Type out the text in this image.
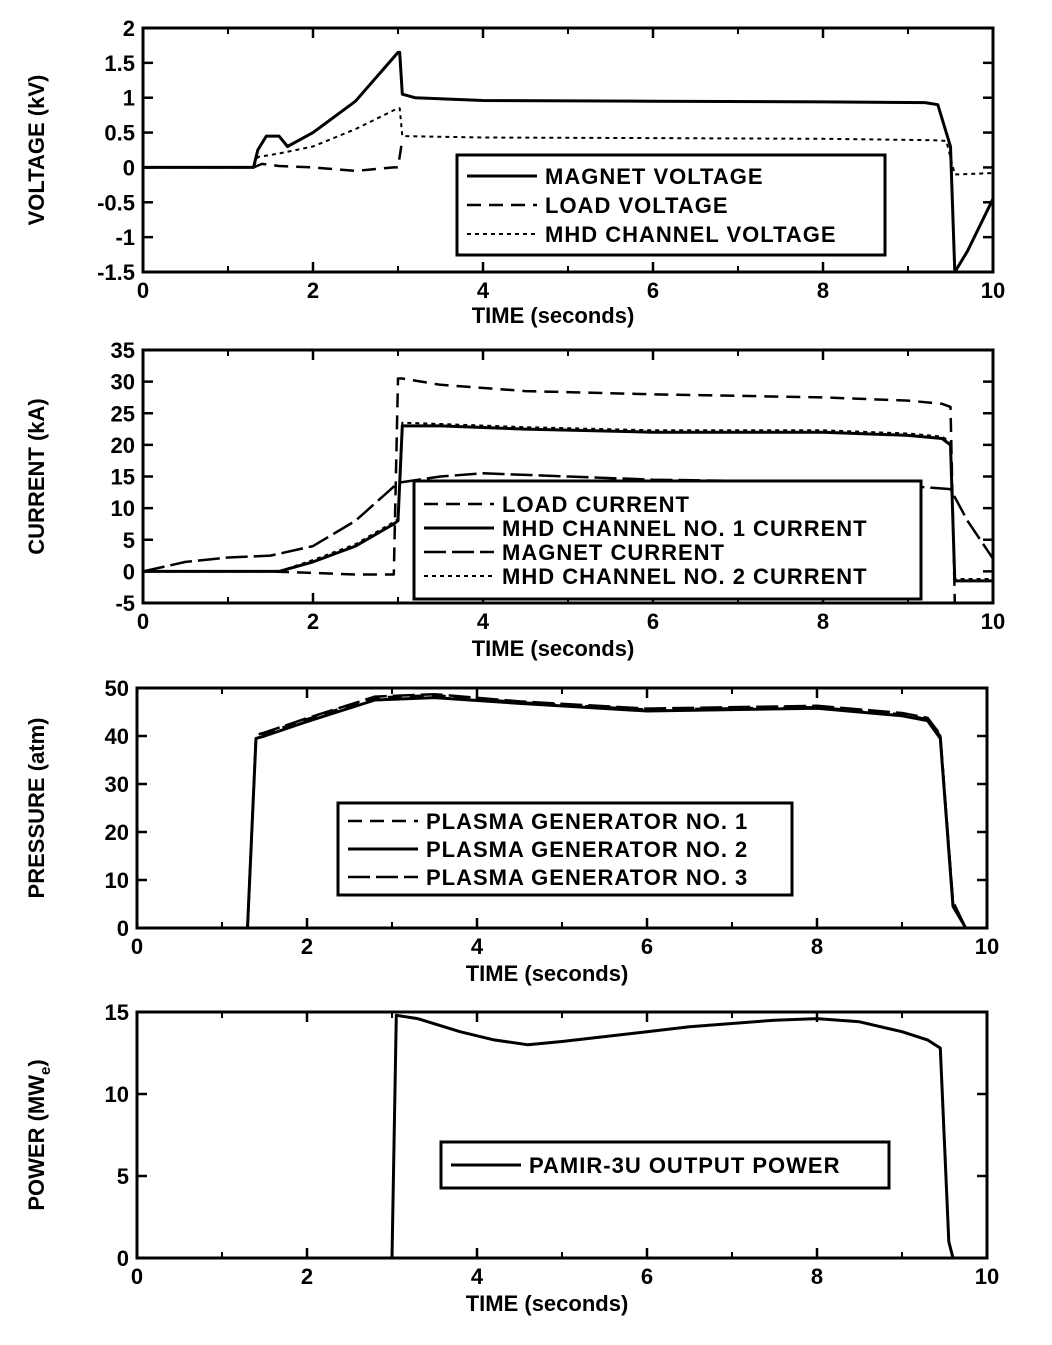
0	2	4	6	8	10
2
1.5
1
0.5
0
-0.5
-1
-1.5
TIME (seconds)
VOLTAGE (kV)	MAGNET VOLTAGE
LOAD VOLTAGE
MHD CHANNEL VOLTAGE
0	2	4	6	8	10
35
30
25
20
15
10
5
0
-5
TIME (seconds)
CURRENT (kA)	LOAD CURRENT
MHD CHANNEL NO. 1 CURRENT
MAGNET CURRENT
MHD CHANNEL NO. 2 CURRENT
0	2	4	6	8	10
50
40
30
20
10
0
TIME (seconds)
PRESSURE (atm)	PLASMA GENERATOR NO. 1
PLASMA GENERATOR NO. 2
PLASMA GENERATOR NO. 3
0	2	4	6	8	10
15
10
5
0
TIME (seconds)
POWER $(MW_e)$
PAMIR-3U OUTPUT POWER
